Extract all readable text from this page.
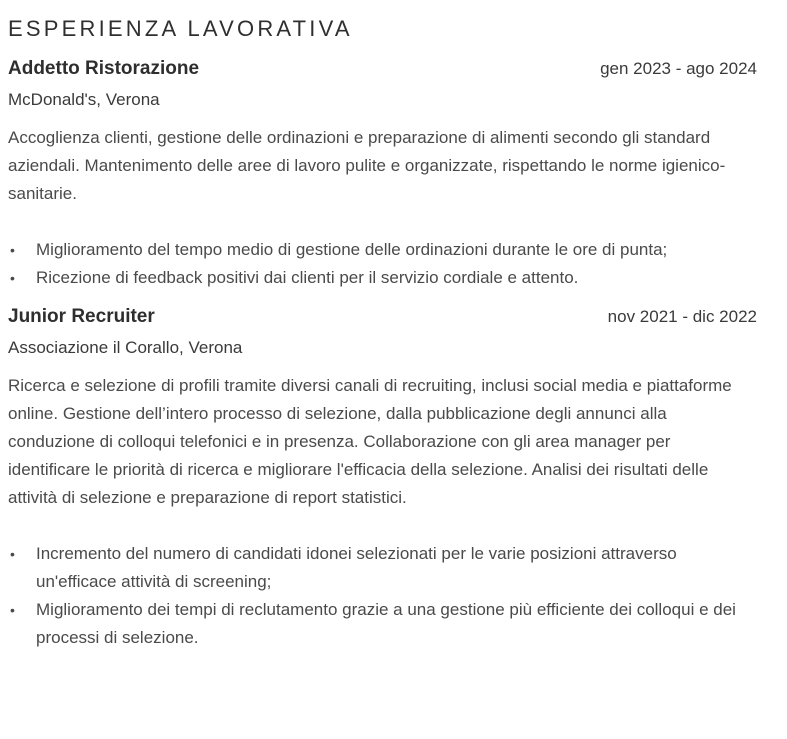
ESPERIENZA LAVORATIVA
Addetto Ristorazione	gen 2023 - ago 2024
McDonald's, Verona

Accoglienza clienti, gestione delle ordinazioni e preparazione di alimenti secondo gli standard aziendali. Mantenimento delle aree di lavoro pulite e organizzate, rispettando le norme igienico-sanitarie.

• Miglioramento del tempo medio di gestione delle ordinazioni durante le ore di punta;
• Ricezione di feedback positivi dai clienti per il servizio cordiale e attento.
Junior Recruiter	nov 2021 - dic 2022
Associazione il Corallo, Verona

Ricerca e selezione di profili tramite diversi canali di recruiting, inclusi social media e piattaforme online. Gestione dell’intero processo di selezione, dalla pubblicazione degli annunci alla conduzione di colloqui telefonici e in presenza. Collaborazione con gli area manager per identificare le priorità di ricerca e migliorare l'efficacia della selezione. Analisi dei risultati delle attività di selezione e preparazione di report statistici.

• Incremento del numero di candidati idonei selezionati per le varie posizioni attraverso un'efficace attività di screening;
• Miglioramento dei tempi di reclutamento grazie a una gestione più efficiente dei colloqui e dei processi di selezione.
